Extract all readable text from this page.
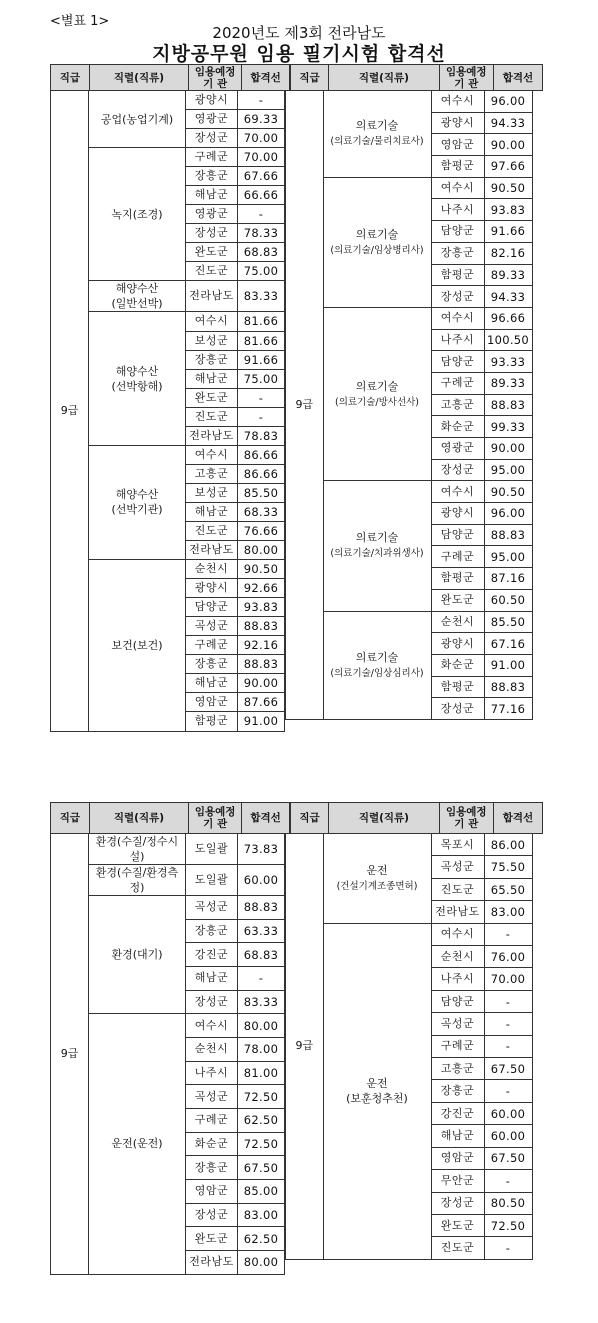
<별표 1>
2020년도 제3회 전라남도
지방공무원 임용 필기시험 합격선
직급	직렬(직류)	임용예정
기 관	합격선	직급	직렬(직류)	임용예정
기 관	합격선
9급	공업(농업기계)	광양시	-
		영광군	69.33
		장성군	70.00
	녹지(조경)	구례군	70.00
		장흥군	67.66
		해남군	66.66
		영광군	-
		장성군	78.33
		완도군	68.83
		진도군	75.00
	해양수산
(일반선박)	전라남도	83.33
	해양수산
(선박항해)	여수시	81.66
		보성군	81.66
		장흥군	91.66
		해남군	75.00
		완도군	-
		진도군	-
		전라남도	78.83
	해양수산
(선박기관)	여수시	86.66
		고흥군	86.66
		보성군	85.50
		해남군	68.33
		진도군	76.66
		전라남도	80.00
	보건(보건)	순천시	90.50
		광양시	92.66
		담양군	93.83
		곡성군	88.83
		구례군	92.16
		장흥군	88.83
		해남군	90.00
		영암군	87.66
		함평군	91.00
9급	의료기술
(의료기술/물리치료사)	여수시	96.00
		광양시	94.33
		영암군	90.00
		함평군	97.66
	의료기술
(의료기술/임상병리사)	여수시	90.50
		나주시	93.83
		담양군	91.66
		장흥군	82.16
		함평군	89.33
		장성군	94.33
	의료기술
(의료기술/방사선사)	여수시	96.66
		나주시	100.50
		담양군	93.33
		구례군	89.33
		고흥군	88.83
		화순군	99.33
		영광군	90.00
		장성군	95.00
	의료기술
(의료기술/치과위생사)	여수시	90.50
		광양시	96.00
		담양군	88.83
		구례군	95.00
		함평군	87.16
		완도군	60.50
	의료기술
(의료기술/임상심리사)	순천시	85.50
		광양시	67.16
		화순군	91.00
		함평군	88.83
		장성군	77.16
직급	직렬(직류)	임용예정
기 관	합격선	직급	직렬(직류)	임용예정
기 관	합격선
9급	환경(수질/정수시설)	도일괄	73.83
	환경(수질/환경측정)	도일괄	60.00
	환경(대기)	곡성군	88.83
		장흥군	63.33
		강진군	68.83
		해남군	-
		장성군	83.33
	운전(운전)	여수시	80.00
		순천시	78.00
		나주시	81.00
		곡성군	72.50
		구례군	62.50
		화순군	72.50
		장흥군	67.50
		영암군	85.00
		장성군	83.00
		완도군	62.50
		전라남도	80.00
9급	운전
(건설기계조종면허)	목포시	86.00
		곡성군	75.50
		진도군	65.50
		전라남도	83.00
	운전
(보훈청추천)	여수시	-
		순천시	76.00
		나주시	70.00
		담양군	-
		곡성군	-
		구례군	-
		고흥군	67.50
		장흥군	-
		강진군	60.00
		해남군	60.00
		영암군	67.50
		무안군	-
		장성군	80.50
		완도군	72.50
		진도군	-
